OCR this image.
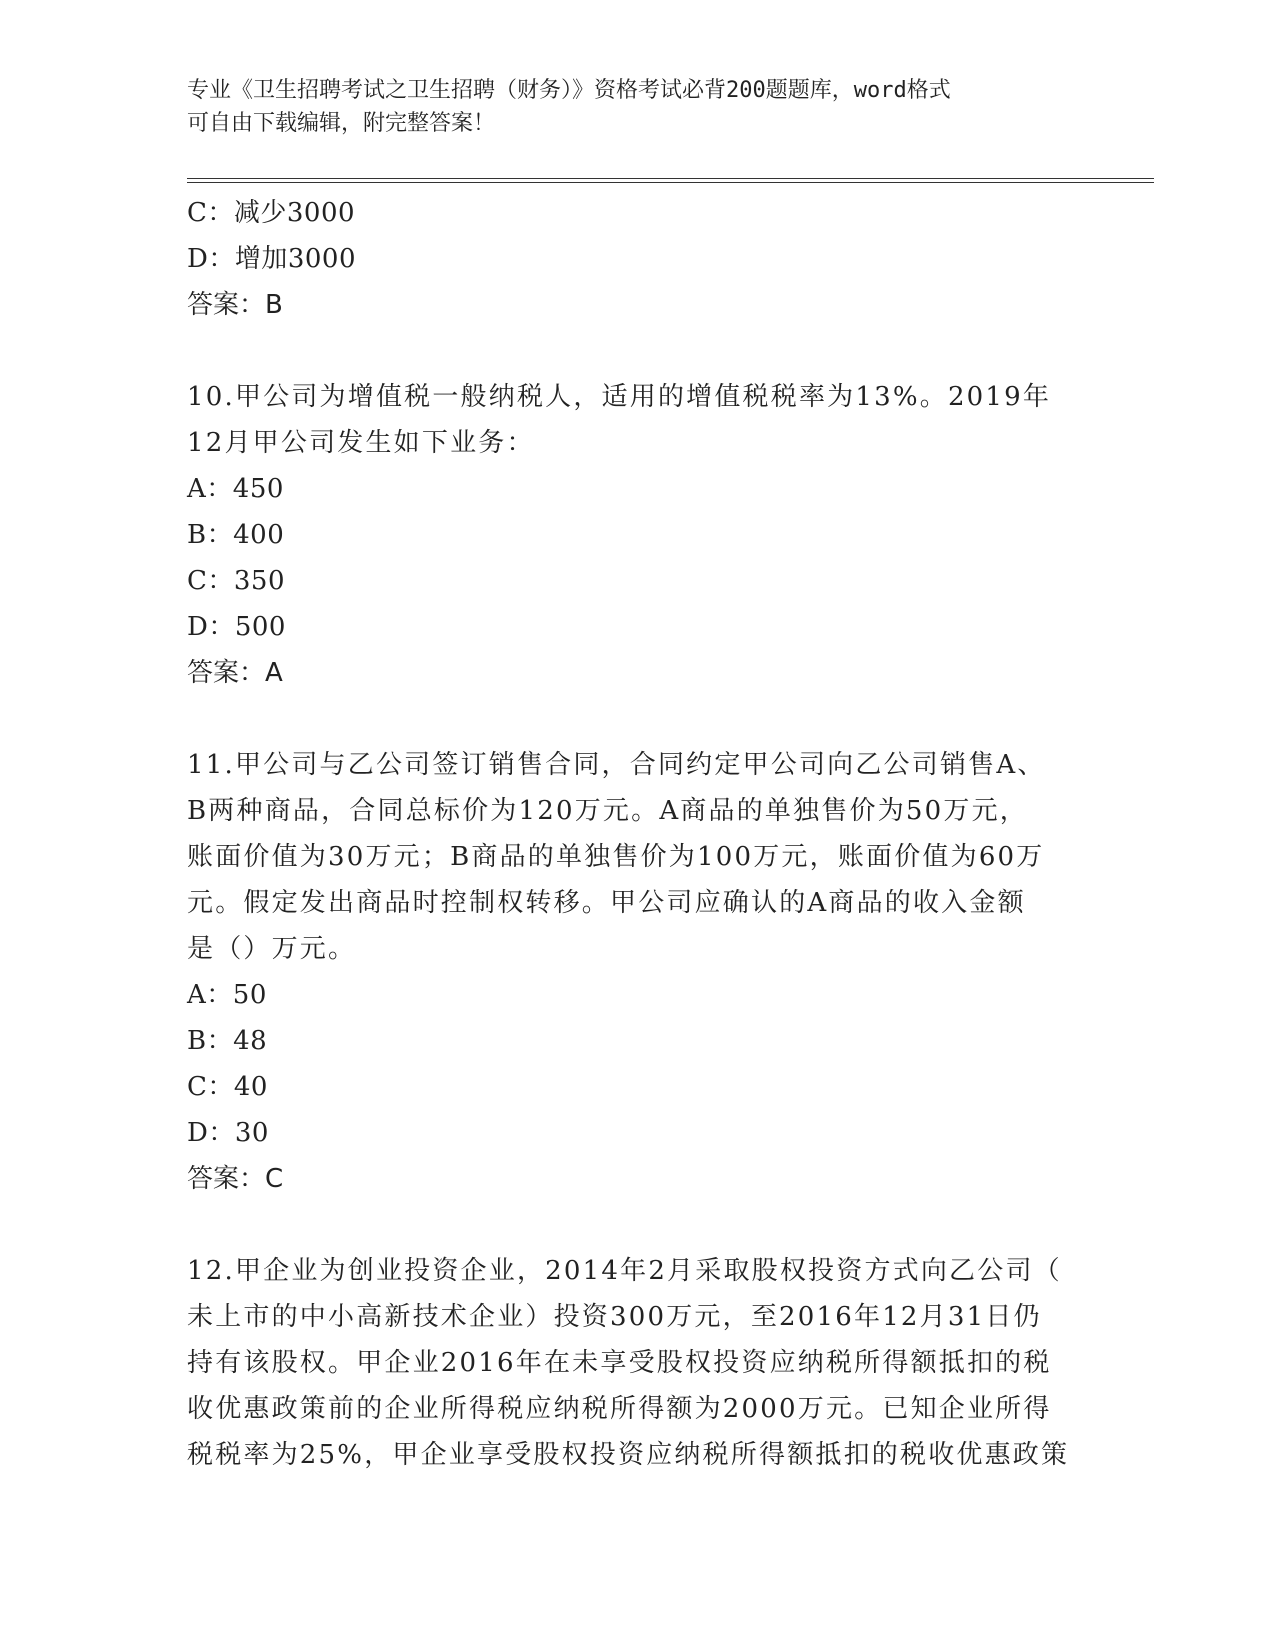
专业《卫生招聘考试之卫生招聘（财务）》资格考试必背200题题库，word格式
可自由下载编辑，附完整答案！
C：减少3000
D：增加3000
答案：B
10.甲公司为增值税一般纳税人，适用的增值税税率为13%。2019年
12月甲公司发生如下业务：
A：450
B：400
C：350
D：500
答案：A
11.甲公司与乙公司签订销售合同，合同约定甲公司向乙公司销售A、
B两种商品，合同总标价为120万元。A商品的单独售价为50万元，
账面价值为30万元；B商品的单独售价为100万元，账面价值为60万
元。假定发出商品时控制权转移。甲公司应确认的A商品的收入金额
是（）万元。
A：50
B：48
C：40
D：30
答案：C
12.甲企业为创业投资企业，2014年2月采取股权投资方式向乙公司（
未上市的中小高新技术企业）投资300万元，至2016年12月31日仍
持有该股权。甲企业2016年在未享受股权投资应纳税所得额抵扣的税
收优惠政策前的企业所得税应纳税所得额为2000万元。已知企业所得
税税率为25%，甲企业享受股权投资应纳税所得额抵扣的税收优惠政策
